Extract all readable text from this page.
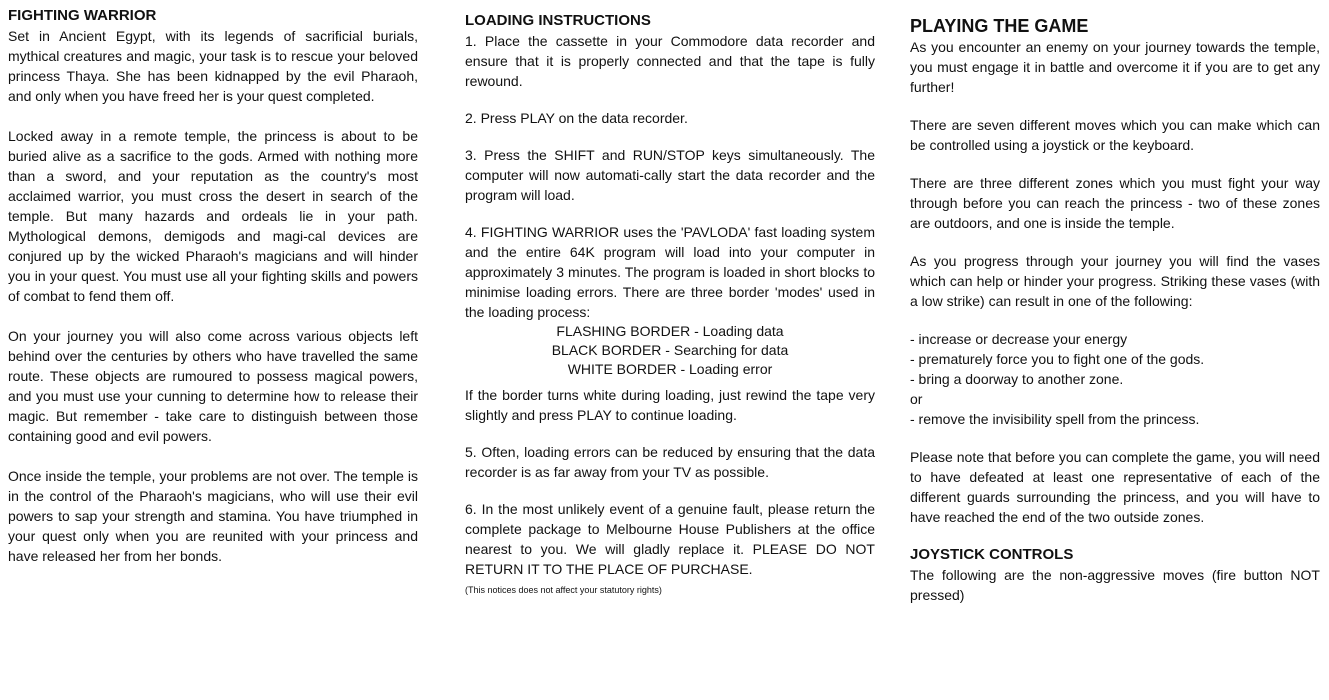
FIGHTING WARRIOR

Set in Ancient Egypt, with its legends of sacrificial burials, mythical creatures and magic, your task is to rescue your beloved princess Thaya. She has been kidnapped by the evil Pharaoh, and only when you have freed her is your quest completed.

Locked away in a remote temple, the princess is about to be buried alive as a sacrifice to the gods. Armed with nothing more than a sword, and your reputation as the country's most acclaimed warrior, you must cross the desert in search of the temple. But many hazards and ordeals lie in your path. Mythological demons, demigods and magi-cal devices are conjured up by the wicked Pharaoh's magicians and will hinder you in your quest. You must use all your fighting skills and powers of combat to fend them off.

On your journey you will also come across various objects left behind over the centuries by others who have travelled the same route. These objects are rumoured to possess magical powers, and you must use your cunning to determine how to release their magic. But remember - take care to distinguish between those containing good and evil powers.

Once inside the temple, your problems are not over. The temple is in the control of the Pharaoh's magicians, who will use their evil powers to sap your strength and stamina. You have triumphed in your quest only when you are reunited with your princess and have released her from her bonds.

LOADING INSTRUCTIONS

1. Place the cassette in your Commodore data recorder and ensure that it is properly connected and that the tape is fully rewound.

2. Press PLAY on the data recorder.

3. Press the SHIFT and RUN/STOP keys simultaneously. The computer will now automati-cally start the data recorder and the program will load.

4. FIGHTING WARRIOR uses the 'PAVLODA' fast loading system and the entire 64K program will load into your computer in approximately 3 minutes. The program is loaded in short blocks to minimise loading errors. There are three border 'modes' used in the loading process:

FLASHING BORDER - Loading data
BLACK BORDER - Searching for data
WHITE BORDER - Loading error

If the border turns white during loading, just rewind the tape very slightly and press PLAY to continue loading.

5. Often, loading errors can be reduced by ensuring that the data recorder is as far away from your TV as possible.

6. In the most unlikely event of a genuine fault, please return the complete package to Melbourne House Publishers at the office nearest to you. We will gladly replace it. PLEASE DO NOT RETURN IT TO THE PLACE OF PURCHASE.

(This notices does not affect your statutory rights)
PLAYING THE GAME

As you encounter an enemy on your journey towards the temple, you must engage it in battle and overcome it if you are to get any further!

There are seven different moves which you can make which can be controlled using a joystick or the keyboard.

There are three different zones which you must fight your way through before you can reach the princess - two of these zones are outdoors, and one is inside the temple.

As you progress through your journey you will find the vases which can help or hinder your progress. Striking these vases (with a low strike) can result in one of the following:

- increase or decrease your energy
- prematurely force you to fight one of the gods.
- bring a doorway to another zone.
or
- remove the invisibility spell from the princess.

Please note that before you can complete the game, you will need to have defeated at least one representative of each of the different guards surrounding the princess, and you will have to have reached the end of the two outside zones.

JOYSTICK CONTROLS

The following are the non-aggressive moves (fire button NOT pressed)
